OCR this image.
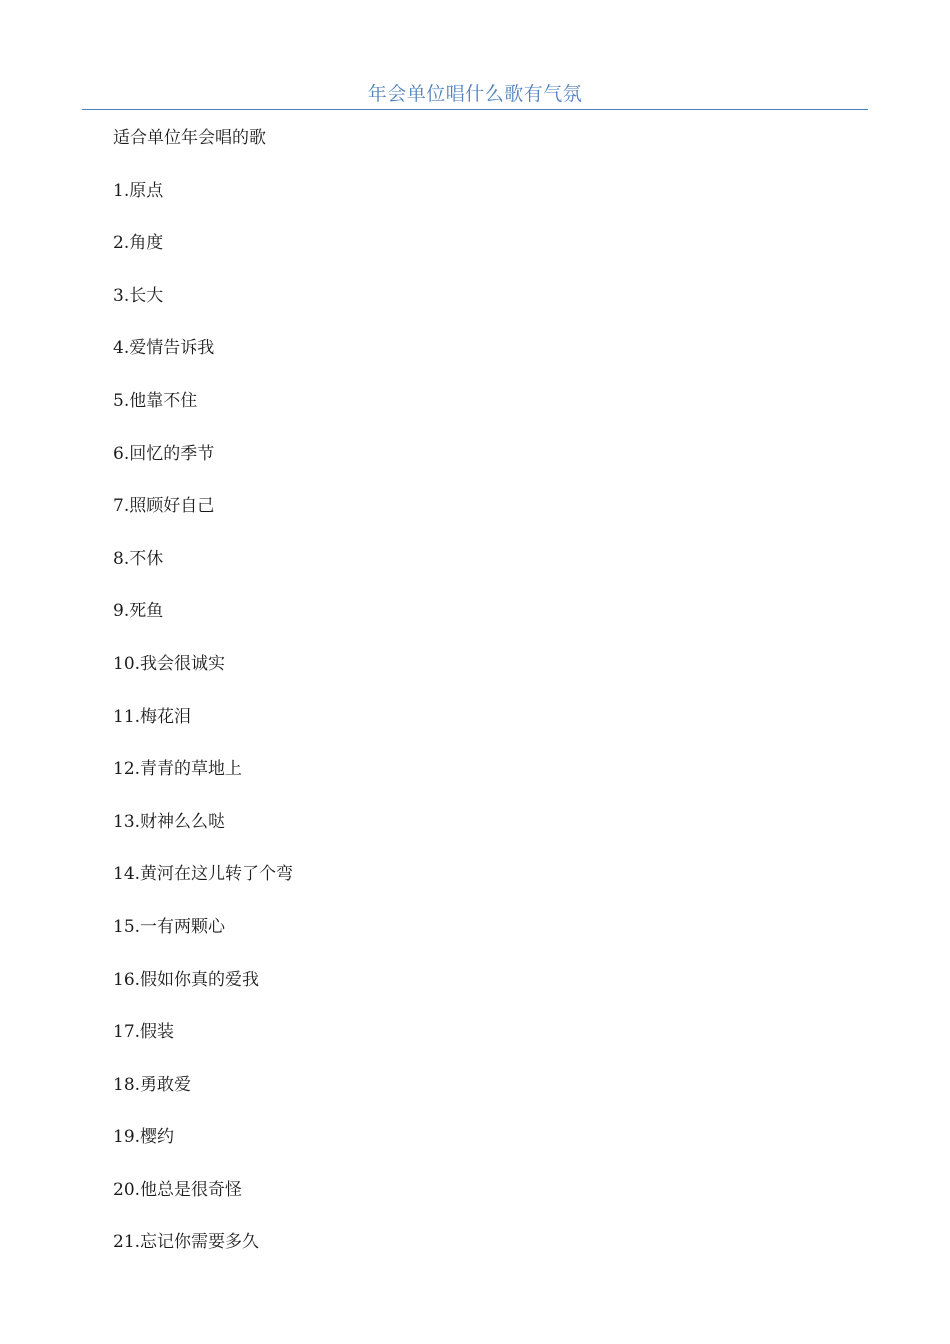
年会单位唱什么歌有气氛

适合单位年会唱的歌

1.原点
2.角度
3.长大
4.爱情告诉我
5.他靠不住
6.回忆的季节
7.照顾好自己
8.不休
9.死鱼
10.我会很诚实
11.梅花泪
12.青青的草地上
13.财神么么哒
14.黄河在这儿转了个弯
15.一有两颗心
16.假如你真的爱我
17.假装
18.勇敢爱
19.樱约
20.他总是很奇怪
21.忘记你需要多久
